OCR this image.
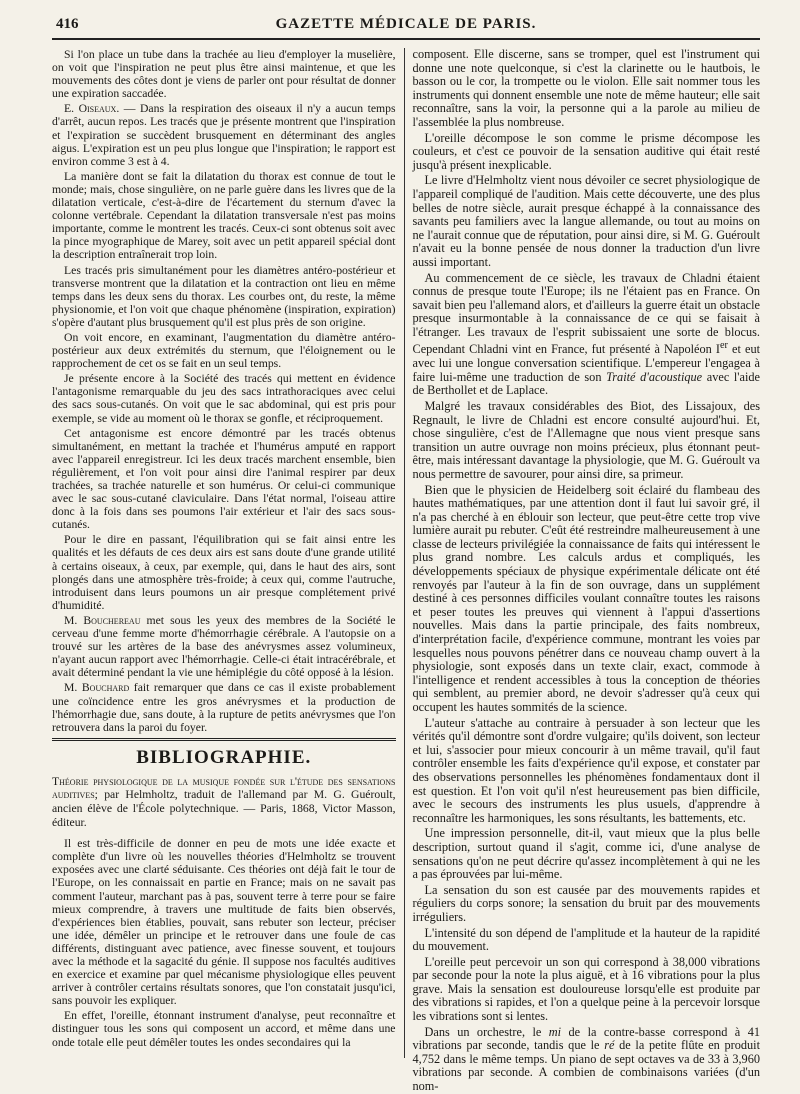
416	GAZETTE MÉDICALE DE PARIS.

Si l'on place un tube dans la trachée au lieu d'employer la muselière, on voit que l'inspiration ne peut plus être ainsi maintenue, et que les mouvements des côtes dont je viens de parler ont pour résultat de donner une expiration saccadée.

E. Oiseaux. — Dans la respiration des oiseaux il n'y a aucun temps d'arrêt, aucun repos. Les tracés que je présente montrent que l'inspiration et l'expiration se succèdent brusquement en déterminant des angles aigus. L'expiration est un peu plus longue que l'inspiration; le rapport est environ comme 3 est à 4.

La manière dont se fait la dilatation du thorax est connue de tout le monde; mais, chose singulière, on ne parle guère dans les livres que de la dilatation verticale, c'est-à-dire de l'écartement du sternum d'avec la colonne vertébrale. Cependant la dilatation transversale n'est pas moins importante, comme le montrent les tracés. Ceux-ci sont obtenus soit avec la pince myographique de Marey, soit avec un petit appareil spécial dont la description entraînerait trop loin.

Les tracés pris simultanément pour les diamètres antéro-postérieur et transverse montrent que la dilatation et la contraction ont lieu en même temps dans les deux sens du thorax. Les courbes ont, du reste, la même physionomie, et l'on voit que chaque phénomène (inspiration, expiration) s'opère d'autant plus brusquement qu'il est plus près de son origine.

On voit encore, en examinant, l'augmentation du diamètre antéro-postérieur aux deux extrémités du sternum, que l'éloignement ou le rapprochement de cet os se fait en un seul temps.

Je présente encore à la Société des tracés qui mettent en évidence l'antagonisme remarquable du jeu des sacs intrathoraciques avec celui des sacs sous-cutanés. On voit que le sac abdominal, qui est pris pour exemple, se vide au moment où le thorax se gonfle, et réciproquement.

Cet antagonisme est encore démontré par les tracés obtenus simultanément, en mettant la trachée et l'humérus amputé en rapport avec l'appareil enregistreur. Ici les deux tracés marchent ensemble, bien régulièrement, et l'on voit pour ainsi dire l'animal respirer par deux trachées, sa trachée naturelle et son humérus. Or celui-ci communique avec le sac sous-cutané claviculaire. Dans l'état normal, l'oiseau attire donc à la fois dans ses poumons l'air extérieur et l'air des sacs sous-cutanés.

Pour le dire en passant, l'équilibration qui se fait ainsi entre les qualités et les défauts de ces deux airs est sans doute d'une grande utilité à certains oiseaux, à ceux, par exemple, qui, dans le haut des airs, sont plongés dans une atmosphère très-froide; à ceux qui, comme l'autruche, introduisent dans leurs poumons un air presque complétement privé d'humidité.

M. Bouchereau met sous les yeux des membres de la Société le cerveau d'une femme morte d'hémorrhagie cérébrale. A l'autopsie on a trouvé sur les artères de la base des anévrysmes assez volumineux, n'ayant aucun rapport avec l'hémorrhagie. Celle-ci était intracérébrale, et avait déterminé pendant la vie une hémiplégie du côté opposé à la lésion.

M. Bouchard fait remarquer que dans ce cas il existe probablement une coïncidence entre les gros anévrysmes et la production de l'hémorrhagie due, sans doute, à la rupture de petits anévrysmes que l'on retrouvera dans la paroi du foyer.

BIBLIOGRAPHIE.

Théorie physiologique de la musique fondée sur l'étude des sensations auditives; par Helmholtz, traduit de l'allemand par M. G. Guéroult, ancien élève de l'École polytechnique. — Paris, 1868, Victor Masson, éditeur.

Il est très-difficile de donner en peu de mots une idée exacte et complète d'un livre où les nouvelles théories d'Helmholtz se trouvent exposées avec une clarté séduisante. Ces théories ont déjà fait le tour de l'Europe, on les connaissait en partie en France; mais on ne savait pas comment l'auteur, marchant pas à pas, souvent terre à terre pour se faire mieux comprendre, à travers une multitude de faits bien observés, d'expériences bien établies, pouvait, sans rebuter son lecteur, préciser une idée, démêler un principe et le retrouver dans une foule de cas différents, distinguant avec patience, avec finesse souvent, et toujours avec la méthode et la sagacité du génie. Il suppose nos facultés auditives en exercice et examine par quel mécanisme physiologique elles peuvent arriver à contrôler certains résultats sonores, que l'on constatait jusqu'ici, sans pouvoir les expliquer.

En effet, l'oreille, étonnant instrument d'analyse, peut reconnaître et distinguer tous les sons qui composent un accord, et même dans une onde totale elle peut démêler toutes les ondes secondaires qui la

composent. Elle discerne, sans se tromper, quel est l'instrument qui donne une note quelconque, si c'est la clarinette ou le hautbois, le basson ou le cor, la trompette ou le violon. Elle sait nommer tous les instruments qui donnent ensemble une note de même hauteur; elle sait reconnaître, sans la voir, la personne qui a la parole au milieu de l'assemblée la plus nombreuse.

L'oreille décompose le son comme le prisme décompose les couleurs, et c'est ce pouvoir de la sensation auditive qui était resté jusqu'à présent inexplicable.

Le livre d'Helmholtz vient nous dévoiler ce secret physiologique de l'appareil compliqué de l'audition. Mais cette découverte, une des plus belles de notre siècle, aurait presque échappé à la connaissance des savants peu familiers avec la langue allemande, ou tout au moins on ne l'aurait connue que de réputation, pour ainsi dire, si M. G. Guéroult n'avait eu la bonne pensée de nous donner la traduction d'un livre aussi important.

Au commencement de ce siècle, les travaux de Chladni étaient connus de presque toute l'Europe; ils ne l'étaient pas en France. On savait bien peu l'allemand alors, et d'ailleurs la guerre était un obstacle presque insurmontable à la connaissance de ce qui se faisait à l'étranger. Les travaux de l'esprit subissaient une sorte de blocus. Cependant Chladni vint en France, fut présenté à Napoléon Ier et eut avec lui une longue conversation scientifique. L'empereur l'engagea à faire lui-même une traduction de son Traité d'acoustique avec l'aide de Berthollet et de Laplace.

Malgré les travaux considérables des Biot, des Lissajoux, des Regnault, le livre de Chladni est encore consulté aujourd'hui. Et, chose singulière, c'est de l'Allemagne que nous vient presque sans transition un autre ouvrage non moins précieux, plus étonnant peut-être, mais intéressant davantage la physiologie, que M. G. Guéroult va nous permettre de savourer, pour ainsi dire, sa primeur.

Bien que le physicien de Heidelberg soit éclairé du flambeau des hautes mathématiques, par une attention dont il faut lui savoir gré, il n'a pas cherché à en éblouir son lecteur, que peut-être cette trop vive lumière aurait pu rebuter. C'eût été restreindre malheureusement à une classe de lecteurs privilégiée la connaissance de faits qui intéressent le plus grand nombre. Les calculs ardus et compliqués, les développements spéciaux de physique expérimentale délicate ont été renvoyés par l'auteur à la fin de son ouvrage, dans un supplément destiné à ces personnes difficiles voulant connaître toutes les raisons et peser toutes les preuves qui viennent à l'appui d'assertions nouvelles. Mais dans la partie principale, des faits nombreux, d'interprétation facile, d'expérience commune, montrant les voies par lesquelles nous pouvons pénétrer dans ce nouveau champ ouvert à la physiologie, sont exposés dans un texte clair, exact, commode à l'intelligence et rendent accessibles à tous la conception de théories qui semblent, au premier abord, ne devoir s'adresser qu'à ceux qui occupent les hautes sommités de la science.

L'auteur s'attache au contraire à persuader à son lecteur que les vérités qu'il démontre sont d'ordre vulgaire; qu'ils doivent, son lecteur et lui, s'associer pour mieux concourir à un même travail, qu'il faut contrôler ensemble les faits d'expérience qu'il expose, et constater par des observations personnelles les phénomènes fondamentaux dont il est question. Et l'on voit qu'il n'est heureusement pas bien difficile, avec le secours des instruments les plus usuels, d'apprendre à reconnaître les harmoniques, les sons résultants, les battements, etc.

Une impression personnelle, dit-il, vaut mieux que la plus belle description, surtout quand il s'agit, comme ici, d'une analyse de sensations qu'on ne peut décrire qu'assez incomplètement à qui ne les a pas éprouvées par lui-même.

La sensation du son est causée par des mouvements rapides et réguliers du corps sonore; la sensation du bruit par des mouvements irréguliers.

L'intensité du son dépend de l'amplitude et la hauteur de la rapidité du mouvement.

L'oreille peut percevoir un son qui correspond à 38,000 vibrations par seconde pour la note la plus aiguë, et à 16 vibrations pour la plus grave. Mais la sensation est douloureuse lorsqu'elle est produite par des vibrations si rapides, et l'on a quelque peine à la percevoir lorsque les vibrations sont si lentes.

Dans un orchestre, le mi de la contre-basse correspond à 41 vibrations par seconde, tandis que le ré de la petite flûte en produit 4,752 dans le même temps. Un piano de sept octaves va de 33 à 3,960 vibrations par seconde. A combien de combinaisons variées (d'un nom-
